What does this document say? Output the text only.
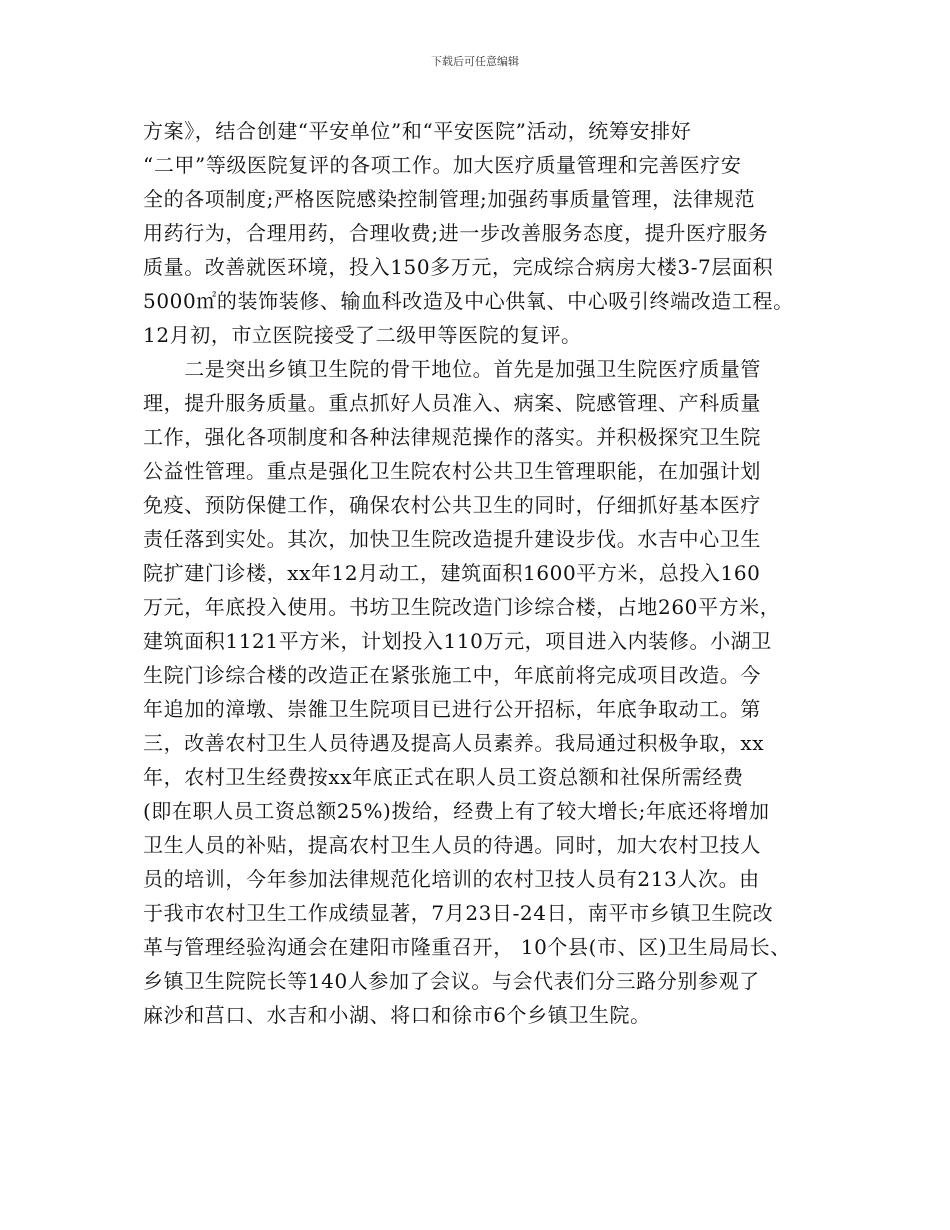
下载后可任意编辑
方案》，结合创建“平安单位”和“平安医院”活动，统筹安排好
“二甲”等级医院复评的各项工作。加大医疗质量管理和完善医疗安
全的各项制度;严格医院感染控制管理;加强药事质量管理，法律规范
用药行为，合理用药，合理收费;进一步改善服务态度，提升医疗服务
质量。改善就医环境，投入150多万元，完成综合病房大楼3-7层面积
5000㎡的装饰装修、输血科改造及中心供氧、中心吸引终端改造工程。
12月初，市立医院接受了二级甲等医院的复评。
　　二是突出乡镇卫生院的骨干地位。首先是加强卫生院医疗质量管
理，提升服务质量。重点抓好人员准入、病案、院感管理、产科质量
工作，强化各项制度和各种法律规范操作的落实。并积极探究卫生院
公益性管理。重点是强化卫生院农村公共卫生管理职能，在加强计划
免疫、预防保健工作，确保农村公共卫生的同时，仔细抓好基本医疗
责任落到实处。其次，加快卫生院改造提升建设步伐。水吉中心卫生
院扩建门诊楼，xx年12月动工，建筑面积1600平方米，总投入160
万元，年底投入使用。书坊卫生院改造门诊综合楼，占地260平方米，
建筑面积1121平方米，计划投入110万元，项目进入内装修。小湖卫
生院门诊综合楼的改造正在紧张施工中，年底前将完成项目改造。今
年追加的漳墩、崇雒卫生院项目已进行公开招标，年底争取动工。第
三，改善农村卫生人员待遇及提高人员素养。我局通过积极争取，xx
年，农村卫生经费按xx年底正式在职人员工资总额和社保所需经费
(即在职人员工资总额25%)拨给，经费上有了较大增长;年底还将增加
卫生人员的补贴，提高农村卫生人员的待遇。同时，加大农村卫技人
员的培训，今年参加法律规范化培训的农村卫技人员有213人次。由
于我市农村卫生工作成绩显著，7月23日-24日，南平市乡镇卫生院改
革与管理经验沟通会在建阳市隆重召开， 10个县(市、区)卫生局局长、
乡镇卫生院院长等140人参加了会议。与会代表们分三路分别参观了
麻沙和莒口、水吉和小湖、将口和徐市6个乡镇卫生院。
